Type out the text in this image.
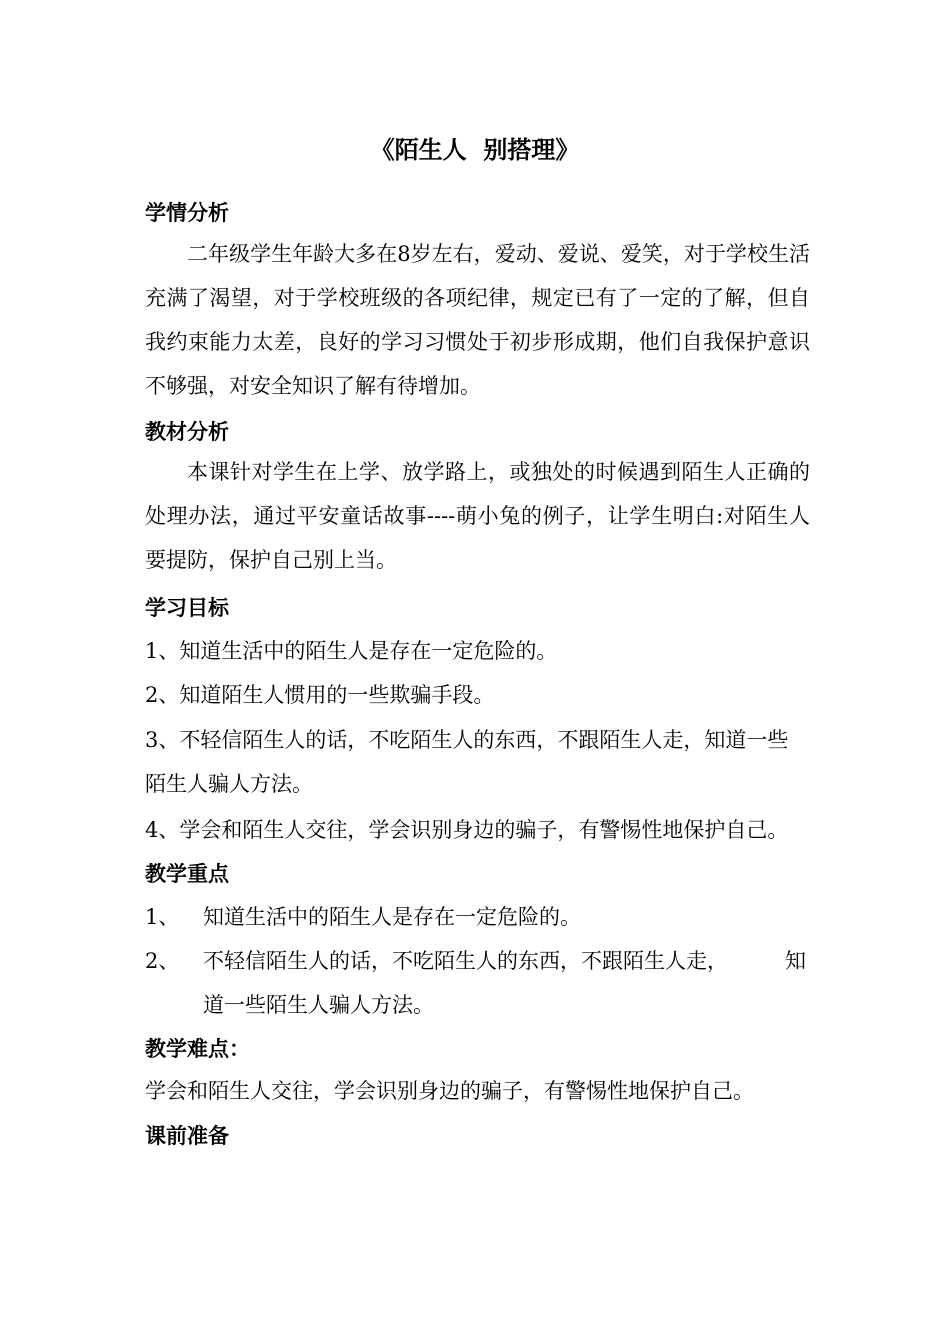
《陌生人  别搭理》
学情分析
二年级学生年龄大多在8岁左右，爱动、爱说、爱笑，对于学校生活充满了渴望，对于学校班级的各项纪律，规定已有了一定的了解，但自我约束能力太差，良好的学习习惯处于初步形成期，他们自我保护意识不够强，对安全知识了解有待增加。
教材分析
本课针对学生在上学、放学路上，或独处的时候遇到陌生人正确的处理办法，通过平安童话故事----萌小兔的例子，让学生明白:对陌生人要提防，保护自己别上当。
学习目标
1、知道生活中的陌生人是存在一定危险的。
2、知道陌生人惯用的一些欺骗手段。
3、不轻信陌生人的话，不吃陌生人的东西，不跟陌生人走，知道一些
陌生人骗人方法。
4、学会和陌生人交往，学会识别身边的骗子，有警惕性地保护自己。
教学重点
1、 知道生活中的陌生人是存在一定危险的。
2、 不轻信陌生人的话，不吃陌生人的东西，不跟陌生人走，	知
道一些陌生人骗人方法。
教学难点：
学会和陌生人交往，学会识别身边的骗子，有警惕性地保护自己。
课前准备
